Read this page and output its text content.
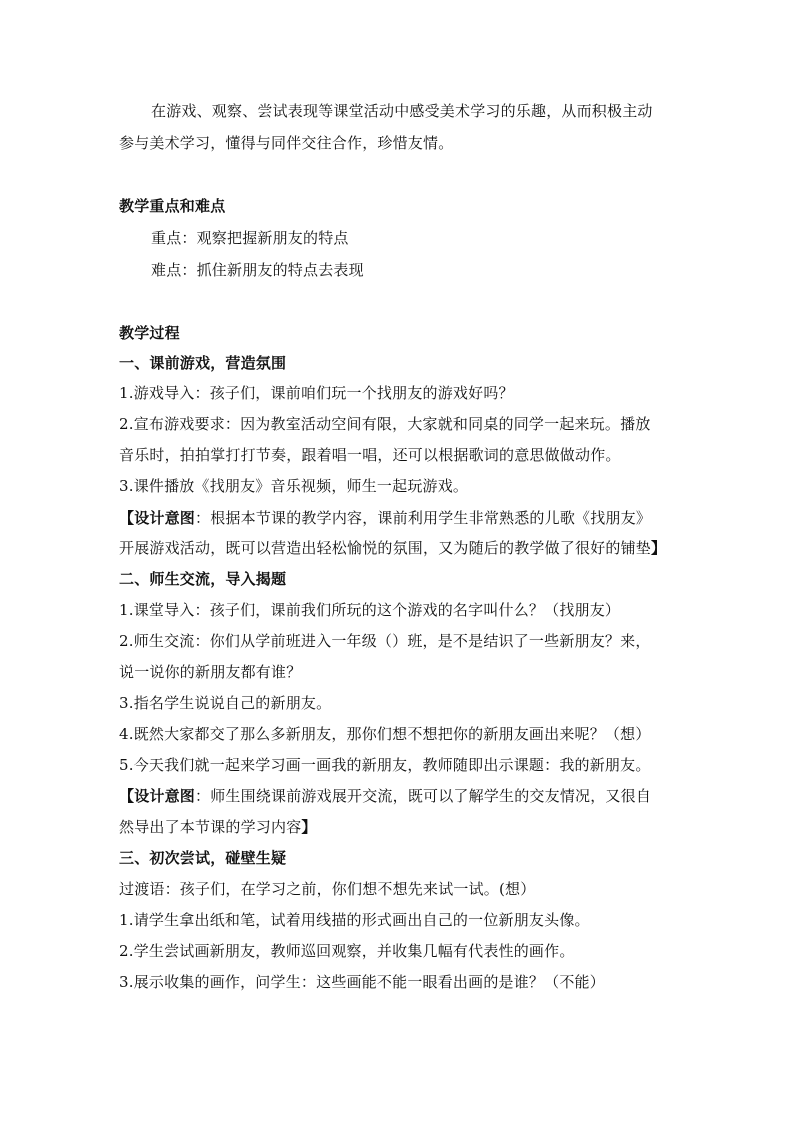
在游戏、观察、尝试表现等课堂活动中感受美术学习的乐趣，从而积极主动
参与美术学习，懂得与同伴交往合作，珍惜友情。
教学重点和难点
重点：观察把握新朋友的特点
难点：抓住新朋友的特点去表现
教学过程
一、课前游戏，营造氛围
1.游戏导入：孩子们，课前咱们玩一个找朋友的游戏好吗？
2.宣布游戏要求：因为教室活动空间有限，大家就和同桌的同学一起来玩。播放
音乐时，拍拍掌打打节奏，跟着唱一唱，还可以根据歌词的意思做做动作。
3.课件播放《找朋友》音乐视频，师生一起玩游戏。
【设计意图：根据本节课的教学内容，课前利用学生非常熟悉的儿歌《找朋友》
开展游戏活动，既可以营造出轻松愉悦的氛围，又为随后的教学做了很好的铺垫】
二、师生交流，导入揭题
1.课堂导入：孩子们，课前我们所玩的这个游戏的名字叫什么？（找朋友）
2.师生交流：你们从学前班进入一年级（）班，是不是结识了一些新朋友？来，
说一说你的新朋友都有谁？
3.指名学生说说自己的新朋友。
4.既然大家都交了那么多新朋友，那你们想不想把你的新朋友画出来呢？（想）
5.今天我们就一起来学习画一画我的新朋友，教师随即出示课题：我的新朋友。
【设计意图：师生围绕课前游戏展开交流，既可以了解学生的交友情况，又很自
然导出了本节课的学习内容】
三、初次尝试，碰壁生疑
过渡语：孩子们，在学习之前，你们想不想先来试一试。(想）
1.请学生拿出纸和笔，试着用线描的形式画出自己的一位新朋友头像。
2.学生尝试画新朋友，教师巡回观察，并收集几幅有代表性的画作。
3.展示收集的画作，问学生：这些画能不能一眼看出画的是谁？（不能）
